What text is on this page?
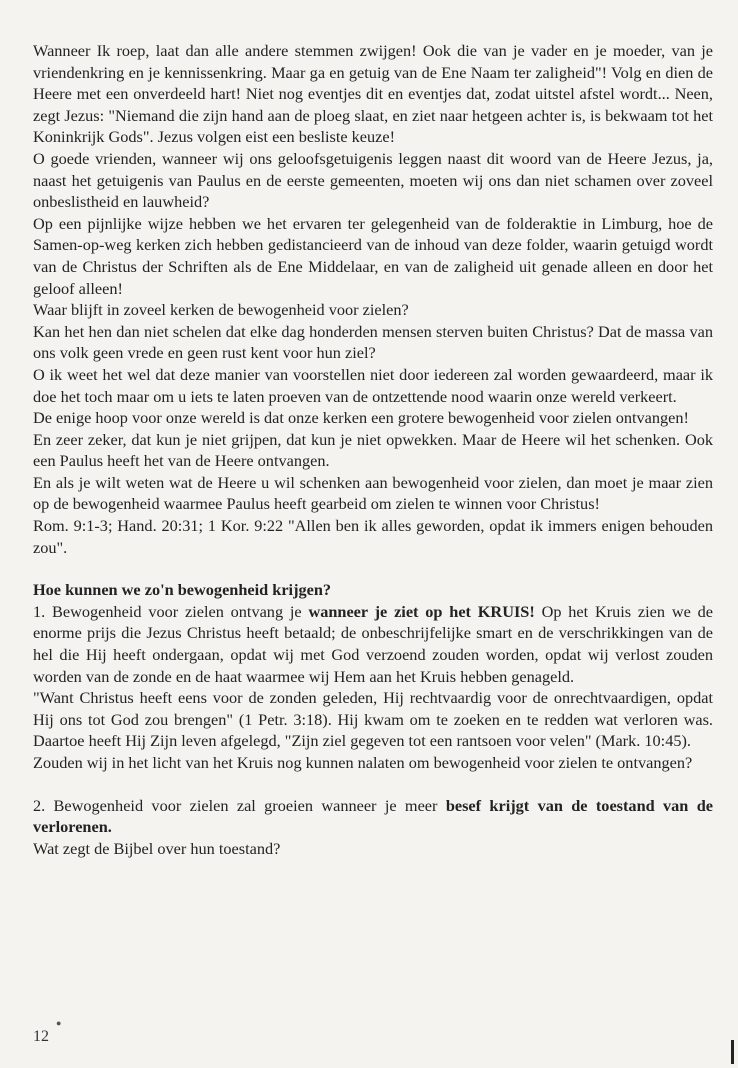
Wanneer Ik roep, laat dan alle andere stemmen zwijgen! Ook die van je vader en je moeder, van je vriendenkring en je kennissenkring. Maar ga en getuig van de Ene Naam ter zaligheid"! Volg en dien de Heere met een onverdeeld hart! Niet nog eventjes dit en eventjes dat, zodat uitstel afstel wordt... Neen, zegt Jezus: "Niemand die zijn hand aan de ploeg slaat, en ziet naar hetgeen achter is, is bekwaam tot het Koninkrijk Gods". Jezus volgen eist een besliste keuze!

O goede vrienden, wanneer wij ons geloofsgetuigenis leggen naast dit woord van de Heere Jezus, ja, naast het getuigenis van Paulus en de eerste gemeenten, moeten wij ons dan niet schamen over zoveel onbeslistheid en lauwheid?

Op een pijnlijke wijze hebben we het ervaren ter gelegenheid van de folderaktie in Limburg, hoe de Samen-op-weg kerken zich hebben gedistancieerd van de inhoud van deze folder, waarin getuigd wordt van de Christus der Schriften als de Ene Middelaar, en van de zaligheid uit genade alleen en door het geloof alleen!

Waar blijft in zoveel kerken de bewogenheid voor zielen?

Kan het hen dan niet schelen dat elke dag honderden mensen sterven buiten Christus? Dat de massa van ons volk geen vrede en geen rust kent voor hun ziel?

O ik weet het wel dat deze manier van voorstellen niet door iedereen zal worden gewaardeerd, maar ik doe het toch maar om u iets te laten proeven van de ontzettende nood waarin onze wereld verkeert.

De enige hoop voor onze wereld is dat onze kerken een grotere bewogenheid voor zielen ontvangen!

En zeer zeker, dat kun je niet grijpen, dat kun je niet opwekken. Maar de Heere wil het schenken. Ook een Paulus heeft het van de Heere ontvangen.

En als je wilt weten wat de Heere u wil schenken aan bewogenheid voor zielen, dan moet je maar zien op de bewogenheid waarmee Paulus heeft gearbeid om zielen te winnen voor Christus!

Rom. 9:1-3; Hand. 20:31; 1 Kor. 9:22 "Allen ben ik alles geworden, opdat ik immers enigen behouden zou".

Hoe kunnen we zo'n bewogenheid krijgen?

1. Bewogenheid voor zielen ontvang je wanneer je ziet op het KRUIS! Op het Kruis zien we de enorme prijs die Jezus Christus heeft betaald; de onbeschrijfelijke smart en de verschrikkingen van de hel die Hij heeft ondergaan, opdat wij met God verzoend zouden worden, opdat wij verlost zouden worden van de zonde en de haat waarmee wij Hem aan het Kruis hebben genageld.

"Want Christus heeft eens voor de zonden geleden, Hij rechtvaardig voor de onrechtvaardigen, opdat Hij ons tot God zou brengen" (1 Petr. 3:18). Hij kwam om te zoeken en te redden wat verloren was. Daartoe heeft Hij Zijn leven afgelegd, "Zijn ziel gegeven tot een rantsoen voor velen" (Mark. 10:45).

Zouden wij in het licht van het Kruis nog kunnen nalaten om bewogenheid voor zielen te ontvangen?

2. Bewogenheid voor zielen zal groeien wanneer je meer besef krijgt van de toestand van de verlorenen.

Wat zegt de Bijbel over hun toestand?

●
12
